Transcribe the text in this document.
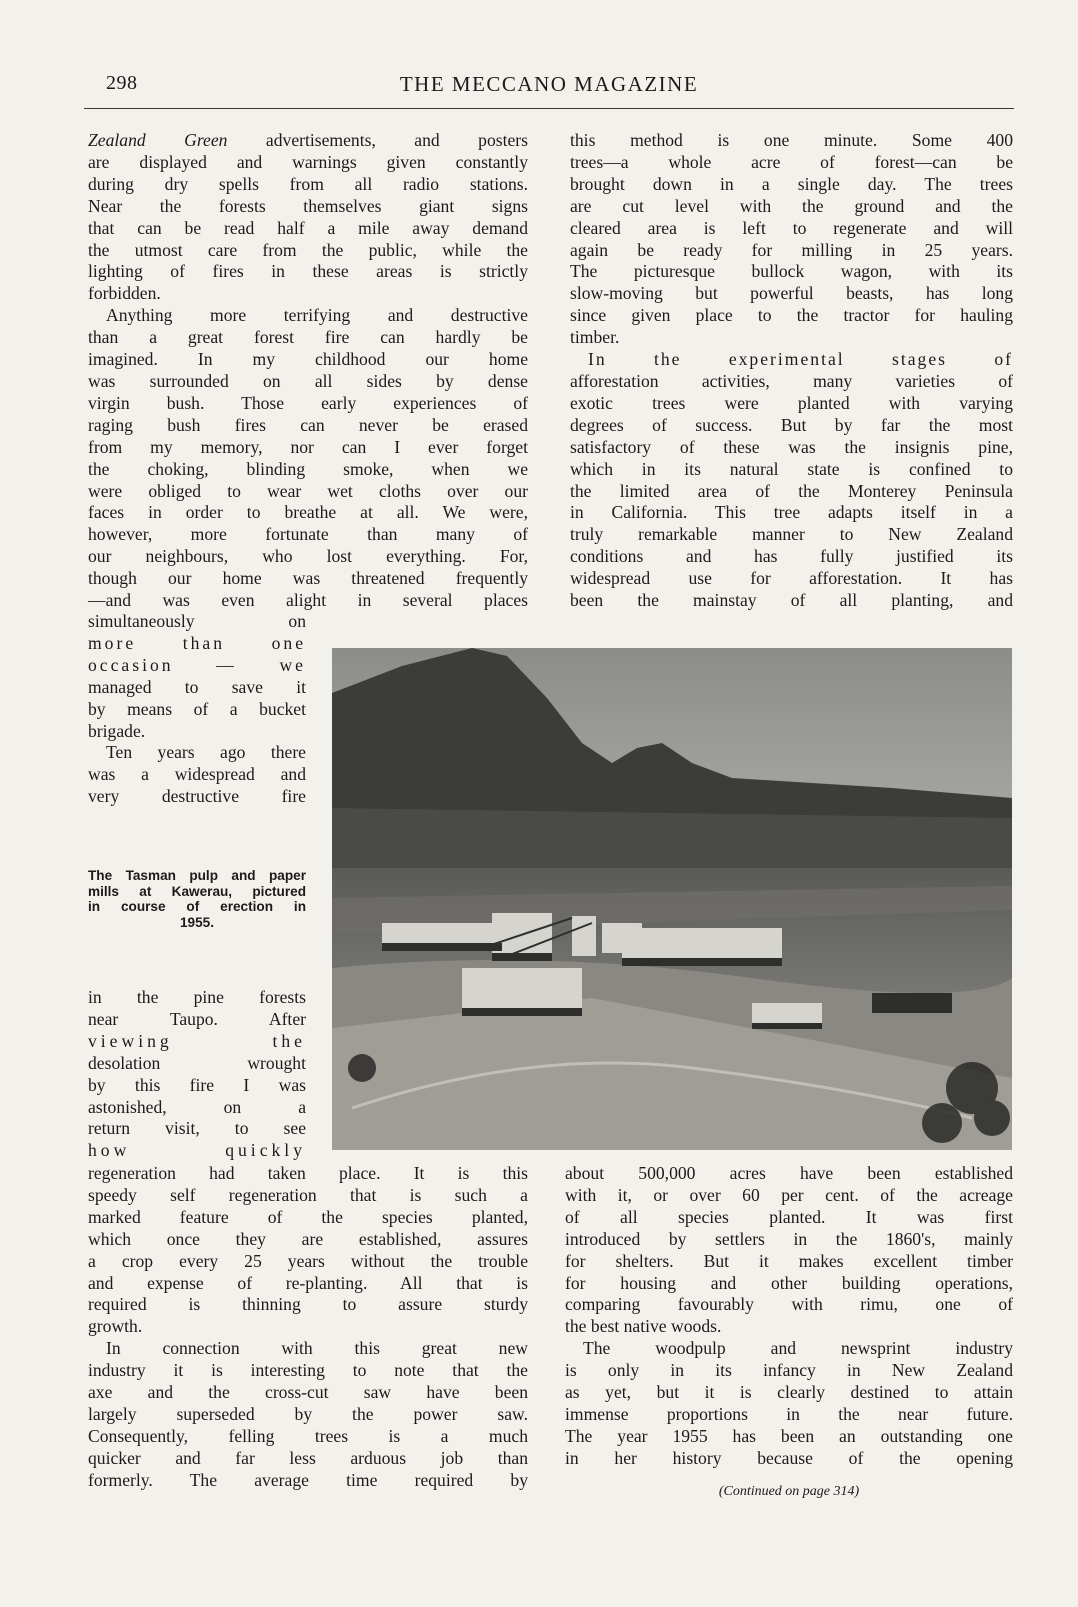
298	THE MECCANO MAGAZINE

Zealand Green advertisements, and posters
are displayed and warnings given constantly
during dry spells from all radio stations.
Near the forests themselves giant signs
that can be read half a mile away demand
the utmost care from the public, while the
lighting of fires in these areas is strictly
forbidden.

Anything more terrifying and destructive
than a great forest fire can hardly be
imagined. In my childhood our home
was surrounded on all sides by dense
virgin bush. Those early experiences of
raging bush fires can never be erased
from my memory, nor can I ever forget
the choking, blinding smoke, when we
were obliged to wear wet cloths over our
faces in order to breathe at all. We were,
however, more fortunate than many of
our neighbours, who lost everything. For,
though our home was threatened frequently
—and was even alight in several places

simultaneously on
more than one
occasion — we
managed to save it
by means of a bucket
brigade.
Ten years ago there
was a widespread and
very destructive fire
The Tasman pulp and paper
mills at Kawerau, pictured
in course of erection in
1955.
in the pine forests
near Taupo. After
viewing the
desolation wrought
by this fire I was
astonished, on a
return visit, to see
how quickly

regeneration had taken place. It is this
speedy self regeneration that is such a
marked feature of the species planted,
which once they are established, assures
a crop every 25 years without the trouble
and expense of re-planting. All that is
required is thinning to assure sturdy
growth.

In connection with this great new
industry it is interesting to note that the
axe and the cross-cut saw have been
largely superseded by the power saw.
Consequently, felling trees is a much
quicker and far less arduous job than
formerly. The average time required by

this method is one minute. Some 400
trees—a whole acre of forest—can be
brought down in a single day. The trees
are cut level with the ground and the
cleared area is left to regenerate and will
again be ready for milling in 25 years.
The picturesque bullock wagon, with its
slow-moving but powerful beasts, has long
since given place to the tractor for hauling
timber.

In the experimental stages of
afforestation activities, many varieties of
exotic trees were planted with varying
degrees of success. But by far the most
satisfactory of these was the insignis pine,
which in its natural state is confined to
the limited area of the Monterey Peninsula
in California. This tree adapts itself in a
truly remarkable manner to New Zealand
conditions and has fully justified its
widespread use for afforestation. It has
been the mainstay of all planting, and

about 500,000 acres have been established
with it, or over 60 per cent. of the acreage
of all species planted. It was first
introduced by settlers in the 1860's, mainly
for shelters. But it makes excellent timber
for housing and other building operations,
comparing favourably with rimu, one of
the best native woods.

The woodpulp and newsprint industry
is only in its infancy in New Zealand
as yet, but it is clearly destined to attain
immense proportions in the near future.
The year 1955 has been an outstanding one
in her history because of the opening

(Continued on page 314)
